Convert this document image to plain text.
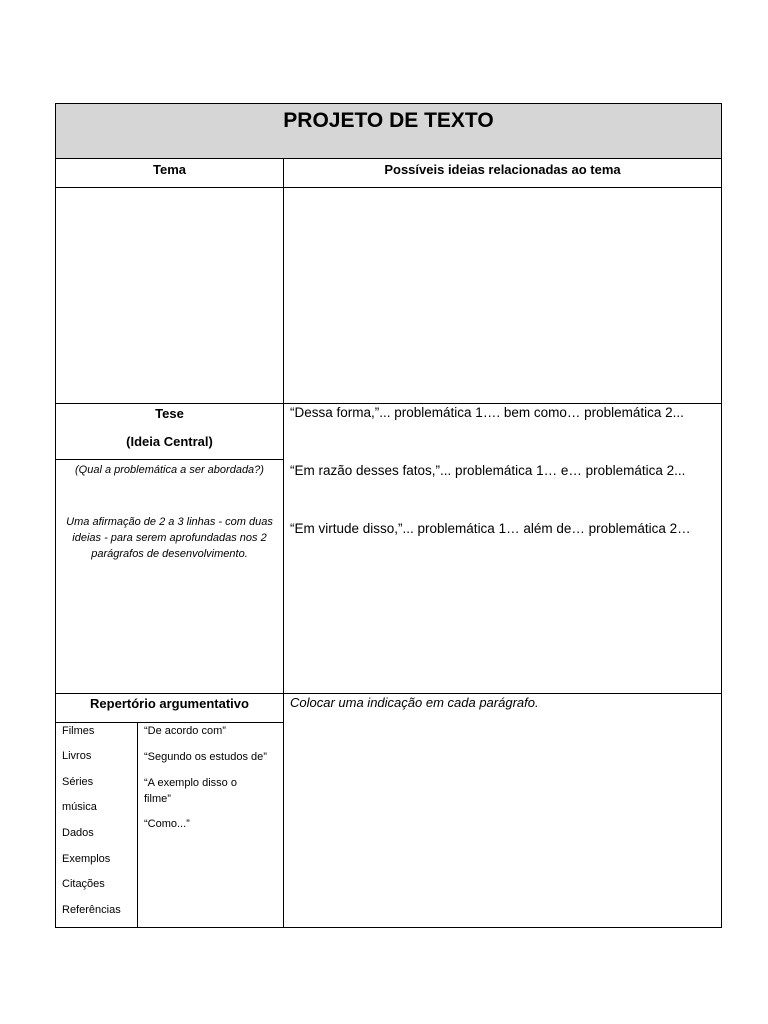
PROJETO DE TEXTO
Tema	Possíveis ideias relacionadas ao tema
Tese
(Ideia Central)
(Qual a problemática a ser abordada?)
Uma afirmação de 2 a 3 linhas - com duas ideias - para serem aprofundadas nos 2 parágrafos de desenvolvimento.
“Dessa forma,”... problemática 1…. bem como… problemática 2...
“Em razão desses fatos,”... problemática 1… e… problemática 2...
“Em virtude disso,”... problemática 1… além de… problemática 2…
Repertório argumentativo
Filmes
Livros
Séries
música
Dados
Exemplos
Citações
Referências
“De acordo com”
“Segundo os estudos de”
“A exemplo disso o filme”
“Como...”
Colocar uma indicação em cada parágrafo.
